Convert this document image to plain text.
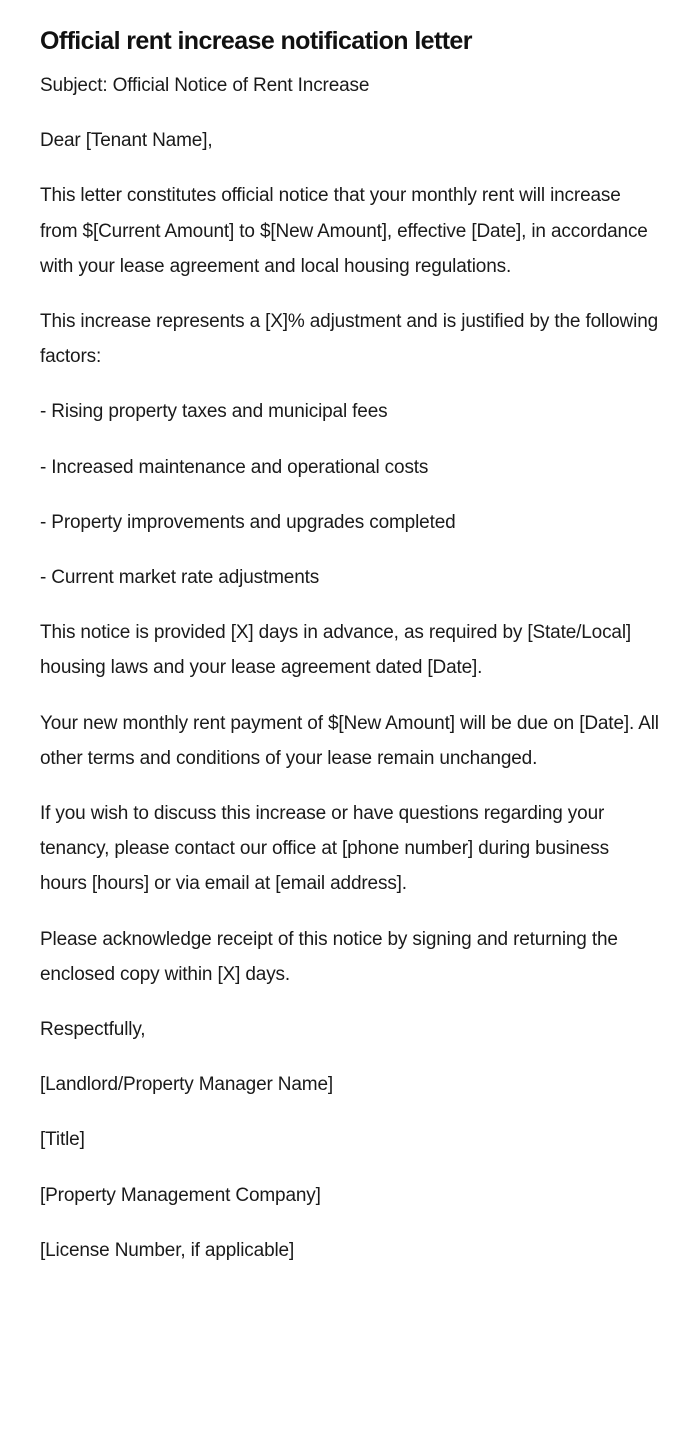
Official rent increase notification letter

Subject: Official Notice of Rent Increase

Dear [Tenant Name],

This letter constitutes official notice that your monthly rent will increase from $[Current Amount] to $[New Amount], effective [Date], in accordance with your lease agreement and local housing regulations.

This increase represents a [X]% adjustment and is justified by the following factors:

- Rising property taxes and municipal fees

- Increased maintenance and operational costs

- Property improvements and upgrades completed

- Current market rate adjustments

This notice is provided [X] days in advance, as required by [State/Local] housing laws and your lease agreement dated [Date].

Your new monthly rent payment of $[New Amount] will be due on [Date]. All other terms and conditions of your lease remain unchanged.

If you wish to discuss this increase or have questions regarding your tenancy, please contact our office at [phone number] during business hours [hours] or via email at [email address].

Please acknowledge receipt of this notice by signing and returning the enclosed copy within [X] days.

Respectfully,

[Landlord/Property Manager Name]

[Title]

[Property Management Company]

[License Number, if applicable]
